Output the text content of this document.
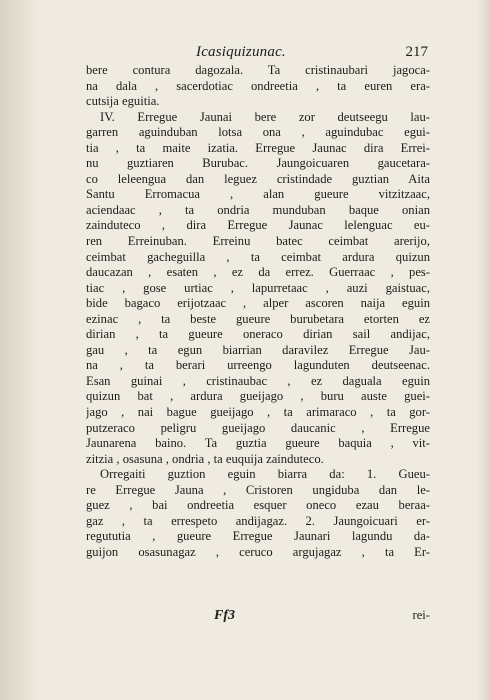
Icasiquizunac.	217
bere contura dagozala. Ta cristinaubari jagoca-
na dala , sacerdotiac ondreetia , ta euren era-
cutsija eguitia.
IV. Erregue Jaunai bere zor deutseegu lau-
garren aguinduban lotsa ona , aguindubac egui-
tia , ta maite izatia. Erregue Jaunac dira Errei-
nu guztiaren Burubac. Jaungoicuaren gaucetara-
co leleengua dan leguez cristindade guztian Aita
Santu Erromacua , alan gueure vitzitzaac,
aciendaac , ta ondria munduban baque onian
zainduteco , dira Erregue Jaunac lelenguac eu-
ren Erreinuban. Erreinu batec ceimbat arerijo,
ceimbat gacheguilla , ta ceimbat ardura quizun
daucazan , esaten , ez da errez. Guerraac , pes-
tiac , gose urtiac , lapurretaac , auzi gaistuac,
bide bagaco erijotzaac , alper ascoren naija eguin
ezinac , ta beste gueure burubetara etorten ez
dirian , ta gueure oneraco dirian sail andijac,
gau , ta egun biarrian daravilez Erregue Jau-
na , ta berari urreengo lagunduten deutseenac.
Esan guinai , cristinaubac , ez daguala eguin
quizun bat , ardura gueijago , buru auste guei-
jago , nai bague gueijago , ta arimaraco , ta gor-
putzeraco peligru gueijago daucanic , Erregue
Jaunarena baino. Ta guztia gueure baquia , vit-
zitzia , osasuna , ondria , ta euquija zainduteco.
Orregaiti guztion eguin biarra da: 1. Gueu-
re Erregue Jauna , Cristoren ungiduba dan le-
guez , bai ondreetia esquer oneco ezau beraa-
gaz , ta errespeto andijagaz. 2. Jaungoicuari er-
regututia , gueure Erregue Jaunari lagundu da-
guijon osasunagaz , ceruco argujagaz , ta Er-
Ff3	rei-
